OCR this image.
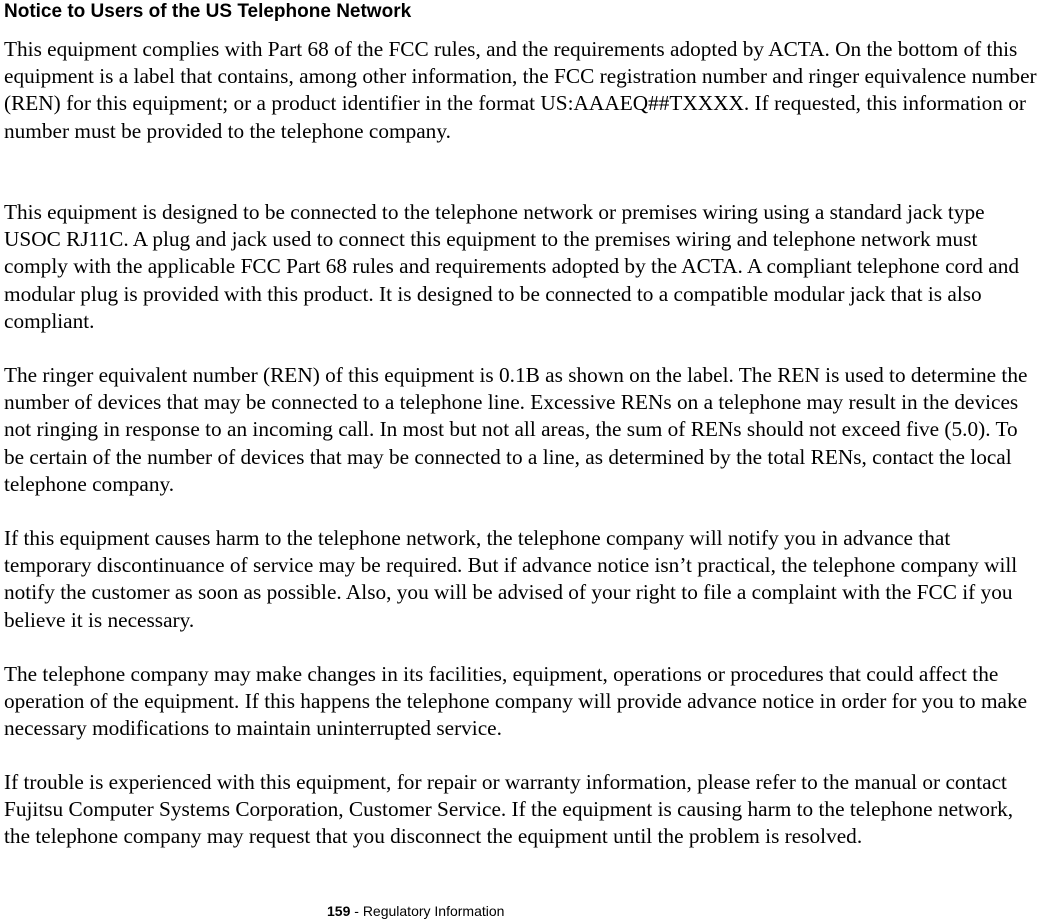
Notice to Users of the US Telephone Network

This equipment complies with Part 68 of the FCC rules, and the requirements adopted by ACTA. On the bottom of this equipment is a label that contains, among other information, the FCC registration number and ringer equivalence number (REN) for this equipment; or a product identifier in the format US:AAAEQ##TXXXX. If requested, this information or number must be provided to the telephone company.

This equipment is designed to be connected to the telephone network or premises wiring using a standard jack type USOC RJ11C. A plug and jack used to connect this equipment to the premises wiring and telephone network must comply with the applicable FCC Part 68 rules and requirements adopted by the ACTA. A compliant telephone cord and modular plug is provided with this product. It is designed to be connected to a compatible modular jack that is also compliant.

The ringer equivalent number (REN) of this equipment is 0.1B as shown on the label. The REN is used to determine the number of devices that may be connected to a telephone line. Excessive RENs on a telephone may result in the devices not ringing in response to an incoming call. In most but not all areas, the sum of RENs should not exceed five (5.0). To be certain of the number of devices that may be connected to a line, as determined by the total RENs, contact the local telephone company.

If this equipment causes harm to the telephone network, the telephone company will notify you in advance that temporary discontinuance of service may be required. But if advance notice isn’t practical, the telephone company will notify the customer as soon as possible. Also, you will be advised of your right to file a complaint with the FCC if you believe it is necessary.

The telephone company may make changes in its facilities, equipment, operations or procedures that could affect the operation of the equipment. If this happens the telephone company will provide advance notice in order for you to make necessary modifications to maintain uninterrupted service.

If trouble is experienced with this equipment, for repair or warranty information, please refer to the manual or contact Fujitsu Computer Systems Corporation, Customer Service. If the equipment is causing harm to the telephone network, the telephone company may request that you disconnect the equipment until the problem is resolved.

159 - Regulatory Information
